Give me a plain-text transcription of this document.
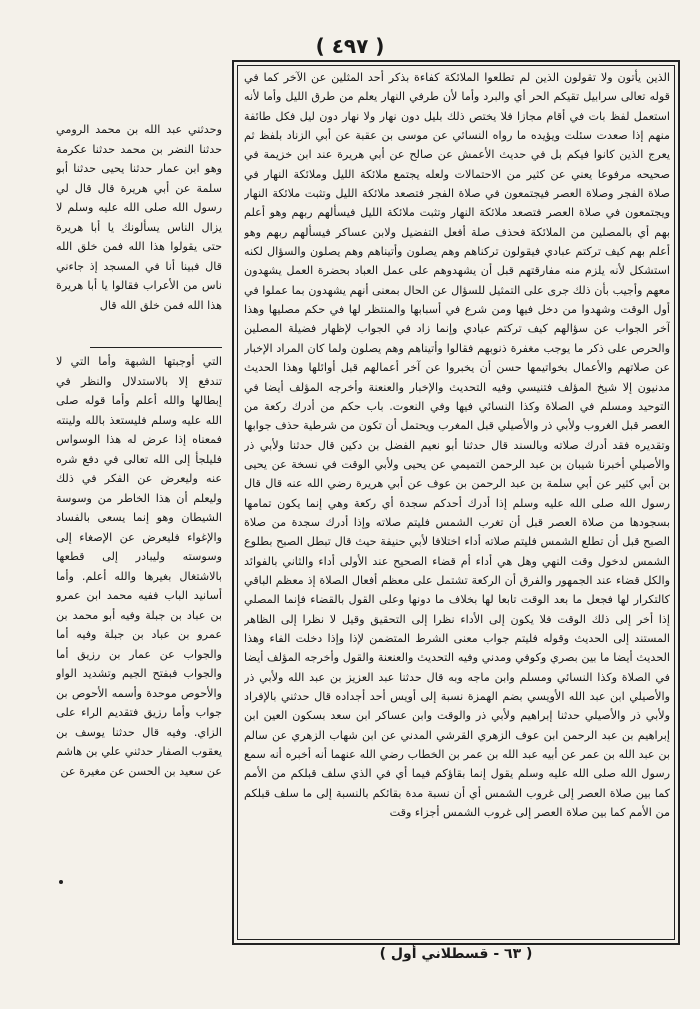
( ٤٩٧ )

الذين يأتون ولا تقولون الذين لم تطلعوا الملائكة كفاءة بذكر أحد المثلين عن الآخر كما في قوله تعالى سرابيل تقيكم الحر أي والبرد وأما لأن طرفي النهار يعلم من طرق الليل وأما لأنه استعمل لفظ بات في أقام مجازا فلا يختص ذلك بليل دون نهار ولا نهار دون ليل فكل طائفة منهم إذا صعدت سئلت ويؤيده ما رواه النسائي عن موسى بن عقبة عن أبي الزناد بلفظ ثم يعرج الذين كانوا فيكم بل في حديث الأعمش عن صالح عن أبي هريرة عند ابن خزيمة في صحيحه مرفوعا يعني عن كثير من الاحتمالات ولعله يجتمع ملائكة الليل وملائكة النهار في صلاة الفجر وصلاة العصر فيجتمعون في صلاة الفجر فتصعد ملائكة الليل وتثبت ملائكة النهار ويجتمعون في صلاة العصر فتصعد ملائكة النهار وتثبت ملائكة الليل فيسألهم ربهم وهو أعلم بهم أي بالمصلين من الملائكة فحذف صلة أفعل التفضيل ولابن عساكر فيسألهم ربهم وهو أعلم بهم كيف تركتم عبادي فيقولون تركناهم وهم يصلون وأتيناهم وهم يصلون والسؤال لكنه استشكل لأنه يلزم منه مفارقتهم قبل أن يشهدوهم على عمل العباد بحضرة العمل يشهدون معهم وأجيب بأن ذلك جرى على التمثيل للسؤال عن الحال بمعنى أنهم يشهدون بما عملوا في أول الوقت وشهدوا من دخل فيها ومن شرع في أسبابها والمنتظر لها في حكم مصليها وهذا آخر الجواب عن سؤالهم كيف تركتم عبادي وإنما زاد في الجواب لإظهار فضيلة المصلين والحرص على ذكر ما يوجب مغفرة ذنوبهم فقالوا وأتيناهم وهم يصلون ولما كان المراد الإخبار عن صلاتهم والأعمال بخواتيمها حسن أن يخبروا عن آخر أعمالهم قبل أوائلها وهذا الحديث مدنيون إلا شيخ المؤلف فتنيسي وفيه التحديث والإخبار والعنعنة وأخرجه المؤلف أيضا في التوحيد ومسلم في الصلاة وكذا النسائي فيها وفي النعوت. باب حكم من أدرك ركعة من العصر قبل الغروب ولأبي ذر والأصيلي قبل المغرب ويحتمل أن تكون من شرطية حذف جوابها وتقديره فقد أدرك صلاته وبالسند قال حدثنا أبو نعيم الفضل بن دكين قال حدثنا ولأبي ذر والأصيلي أخبرنا شيبان بن عبد الرحمن التميمي عن يحيى ولأبي الوقت في نسخة عن يحيى بن أبي كثير عن أبي سلمة بن عبد الرحمن بن عوف عن أبي هريرة رضي الله عنه قال قال رسول الله صلى الله عليه وسلم إذا أدرك أحدكم سجدة أي ركعة وهي إنما يكون تمامها بسجودها من صلاة العصر قبل أن تغرب الشمس فليتم صلاته وإذا أدرك سجدة من صلاة الصبح قبل أن تطلع الشمس فليتم صلاته أداء اختلافا لأبي حنيفة حيث قال تبطل الصبح بطلوع الشمس لدخول وقت النهي وهل هي أداء أم قضاء الصحيح عند الأولى أداء والثاني بالفوائد والكل قضاء عند الجمهور والفرق أن الركعة تشتمل على معظم أفعال الصلاة إذ معظم الباقي كالتكرار لها فجعل ما بعد الوقت تابعا لها بخلاف ما دونها وعلى القول بالقضاء فإنما المصلي إذا أخر إلى ذلك الوقت فلا يكون إلى الأداء نظرا إلى التحقيق وقيل لا نظرا إلى الظاهر المستند إلى الحديث وقوله فليتم جواب معنى الشرط المتضمن لإذا وإذا دخلت الفاء وهذا الحديث أيضا ما بين بصري وكوفي ومدني وفيه التحديث والعنعنة والقول وأخرجه المؤلف أيضا في الصلاة وكذا النسائي ومسلم وابن ماجه وبه قال حدثنا عبد العزيز بن عبد الله ولأبي ذر والأصيلي ابن عبد الله الأويسي بضم الهمزة نسبة إلى أويس أحد أجداده قال حدثني بالإفراد ولأبي ذر والأصيلي حدثنا إبراهيم ولأبي ذر والوقت وابن عساكر ابن سعد بسكون العين ابن إبراهيم بن عبد الرحمن ابن عوف الزهري القرشي المدني عن ابن شهاب الزهري عن سالم بن عبد الله بن عمر عن أبيه عبد الله بن عمر بن الخطاب رضي الله عنهما أنه أخبره أنه سمع رسول الله صلى الله عليه وسلم يقول إنما بقاؤكم فيما أي في الذي سلف قبلكم من الأمم كما بين صلاة العصر إلى غروب الشمس أي أن نسبة مدة بقائكم بالنسبة إلى ما سلف قبلكم من الأمم كما بين صلاة العصر إلى غروب الشمس أجزاء وقت

وحدثني عبد الله بن محمد الرومي حدثنا النضر بن محمد حدثنا عكرمة وهو ابن عمار حدثنا يحيى حدثنا أبو سلمة عن أبي هريرة قال قال لي رسول الله صلى الله عليه وسلم لا يزال الناس يسألونك يا أبا هريرة حتى يقولوا هذا الله فمن خلق الله قال فبينا أنا في المسجد إذ جاءني ناس من الأعراب فقالوا يا أبا هريرة هذا الله فمن خلق الله قال

التي أوجبتها الشبهة وأما التي لا تندفع إلا بالاستدلال والنظر في إبطالها والله أعلم وأما قوله صلى الله عليه وسلم فليستعذ بالله ولينته فمعناه إذا عرض له هذا الوسواس فليلجأ إلى الله تعالى في دفع شره عنه وليعرض عن الفكر في ذلك وليعلم أن هذا الخاطر من وسوسة الشيطان وهو إنما يسعى بالفساد والإغواء فليعرض عن الإصغاء إلى وسوسته وليبادر إلى قطعها بالاشتغال بغيرها والله أعلم. وأما أسانيد الباب ففيه محمد ابن عمرو بن عباد بن جبلة وفيه أبو محمد بن عمرو بن عباد بن جبلة وفيه أما والجواب عن عمار بن رزيق أما والجواب فبفتح الجيم وتشديد الواو والأحوص موحدة وأسمه الأحوص بن جواب وأما رزيق فتقديم الراء على الزاي. وفيه قال حدثنا يوسف بن يعقوب الصفار حدثني علي بن هاشم عن سعيد بن الحسن عن مغيرة عن

( ٦٣ - قسطلاني أول )
